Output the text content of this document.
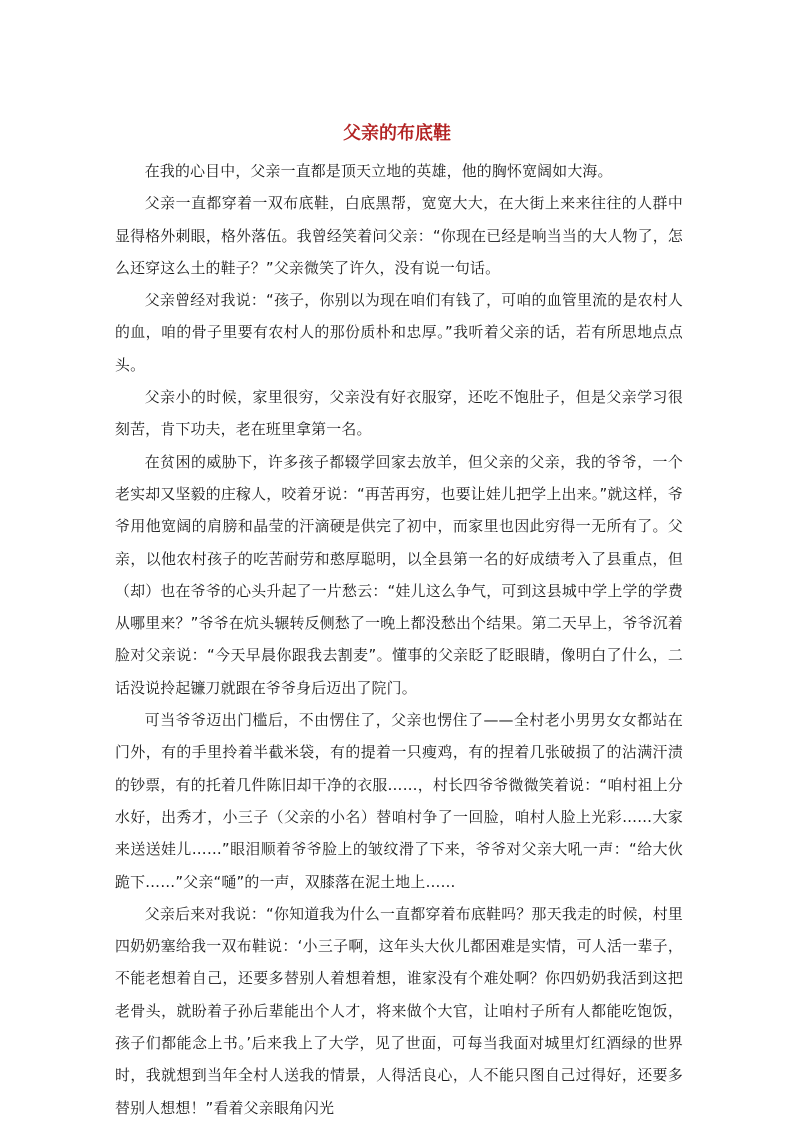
父亲的布底鞋

在我的心目中，父亲一直都是顶天立地的英雄，他的胸怀宽阔如大海。

父亲一直都穿着一双布底鞋，白底黑帮，宽宽大大，在大街上来来往往的人群中显得格外刺眼，格外落伍。我曾经笑着问父亲：“你现在已经是响当当的大人物了，怎么还穿这么土的鞋子？”父亲微笑了许久，没有说一句话。

父亲曾经对我说：“孩子，你别以为现在咱们有钱了，可咱的血管里流的是农村人的血，咱的骨子里要有农村人的那份质朴和忠厚。”我听着父亲的话，若有所思地点点头。

父亲小的时候，家里很穷，父亲没有好衣服穿，还吃不饱肚子，但是父亲学习很刻苦，肯下功夫，老在班里拿第一名。

在贫困的威胁下，许多孩子都辍学回家去放羊，但父亲的父亲，我的爷爷，一个老实却又坚毅的庄稼人，咬着牙说：“再苦再穷，也要让娃儿把学上出来。”就这样，爷爷用他宽阔的肩膀和晶莹的汗滴硬是供完了初中，而家里也因此穷得一无所有了。父亲，以他农村孩子的吃苦耐劳和憨厚聪明，以全县第一名的好成绩考入了县重点，但（却）也在爷爷的心头升起了一片愁云：“娃儿这么争气，可到这县城中学上学的学费从哪里来？”爷爷在炕头辗转反侧愁了一晚上都没愁出个结果。第二天早上，爷爷沉着脸对父亲说：“今天早晨你跟我去割麦”。懂事的父亲眨了眨眼睛，像明白了什么，二话没说拎起镰刀就跟在爷爷身后迈出了院门。

可当爷爷迈出门槛后，不由愣住了，父亲也愣住了——全村老小男男女女都站在门外，有的手里拎着半截米袋，有的提着一只瘦鸡，有的捏着几张破损了的沾满汗渍的钞票，有的托着几件陈旧却干净的衣服……，村长四爷爷微微笑着说：“咱村祖上分水好，出秀才，小三子（父亲的小名）替咱村争了一回脸，咱村人脸上光彩……大家来送送娃儿……”眼泪顺着爷爷脸上的皱纹滑了下来，爷爷对父亲大吼一声：“给大伙跪下……”父亲“嗵”的一声，双膝落在泥土地上……

父亲后来对我说：“你知道我为什么一直都穿着布底鞋吗？那天我走的时候，村里四奶奶塞给我一双布鞋说：‘小三子啊，这年头大伙儿都困难是实情，可人活一辈子，不能老想着自己，还要多替别人着想着想，谁家没有个难处啊？你四奶奶我活到这把老骨头，就盼着子孙后辈能出个人才，将来做个大官，让咱村子所有人都能吃饱饭，孩子们都能念上书。’后来我上了大学，见了世面，可每当我面对城里灯红酒绿的世界时，我就想到当年全村人送我的情景，人得活良心，人不能只图自己过得好，还要多替别人想想！”看着父亲眼角闪光
